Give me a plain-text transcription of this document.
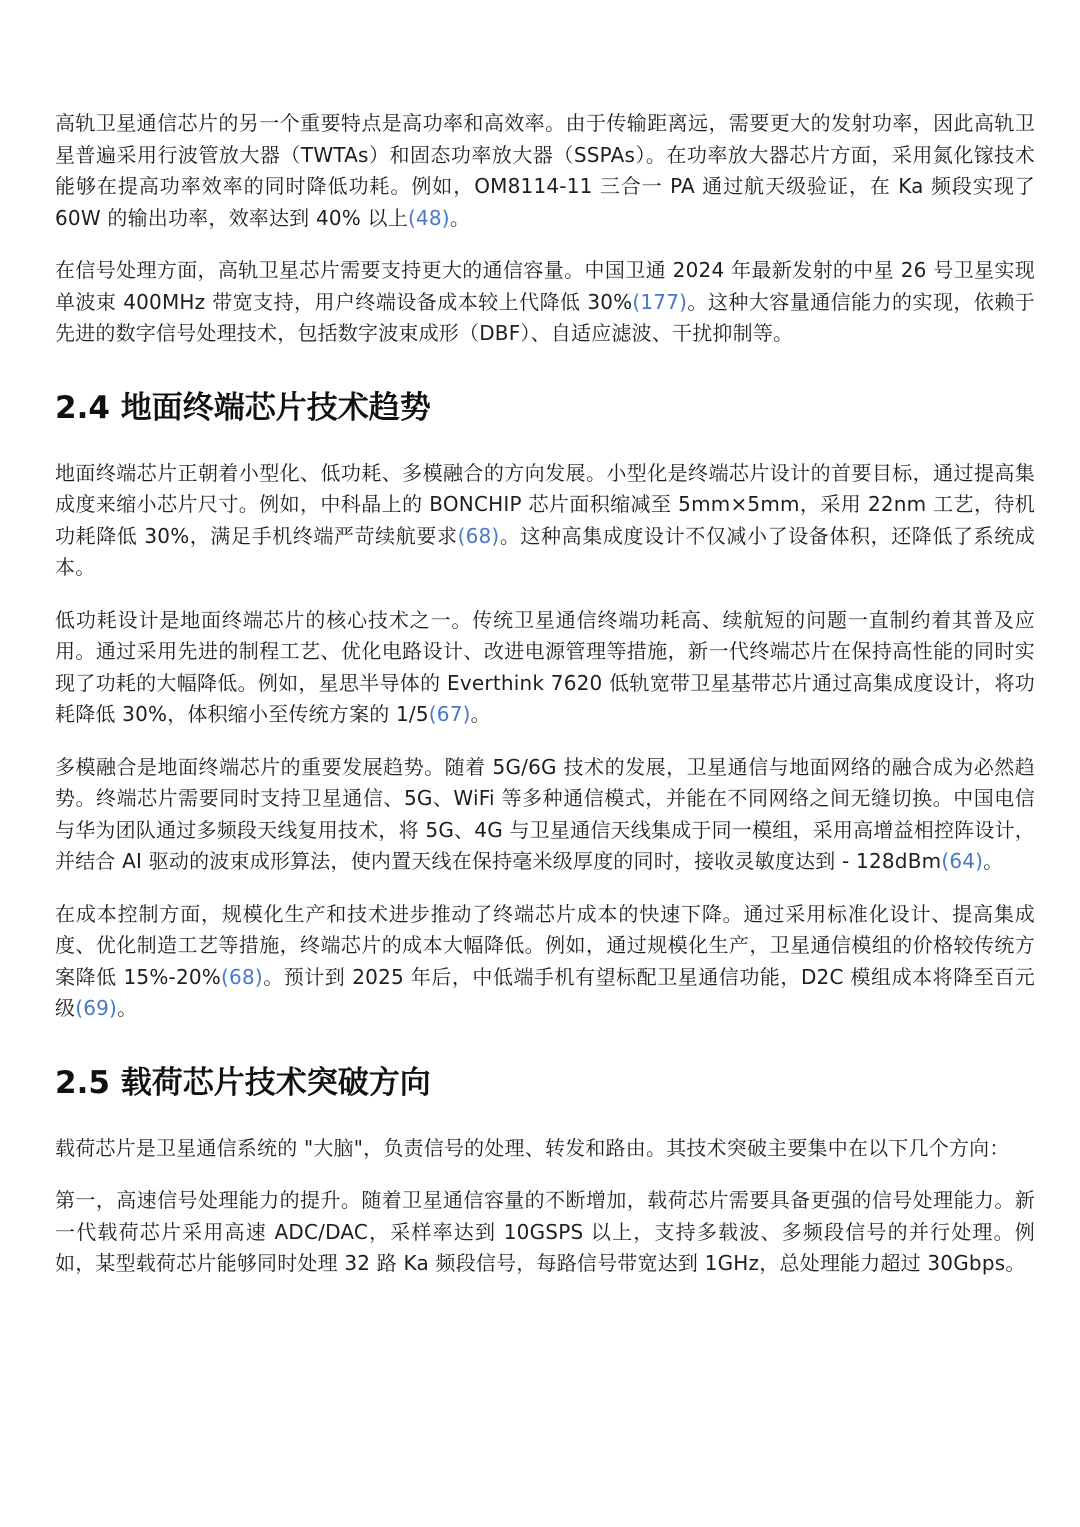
高轨卫星通信芯片的另一个重要特点是高功率和高效率。由于传输距离远，需要更大的发射功率，因此高轨卫星普遍采用行波管放大器（TWTAs）和固态功率放大器（SSPAs）。在功率放大器芯片方面，采用氮化镓技术能够在提高功率效率的同时降低功耗。例如，OM8114-11 三合一 PA 通过航天级验证，在 Ka 频段实现了 60W 的输出功率，效率达到 40% 以上(48)。

在信号处理方面，高轨卫星芯片需要支持更大的通信容量。中国卫通 2024 年最新发射的中星 26 号卫星实现单波束 400MHz 带宽支持，用户终端设备成本较上代降低 30%(177)。这种大容量通信能力的实现，依赖于先进的数字信号处理技术，包括数字波束成形（DBF）、自适应滤波、干扰抑制等。

2.4 地面终端芯片技术趋势

地面终端芯片正朝着小型化、低功耗、多模融合的方向发展。小型化是终端芯片设计的首要目标，通过提高集成度来缩小芯片尺寸。例如，中科晶上的 BONCHIP 芯片面积缩减至 5mm×5mm，采用 22nm 工艺，待机功耗降低 30%，满足手机终端严苛续航要求(68)。这种高集成度设计不仅减小了设备体积，还降低了系统成本。

低功耗设计是地面终端芯片的核心技术之一。传统卫星通信终端功耗高、续航短的问题一直制约着其普及应用。通过采用先进的制程工艺、优化电路设计、改进电源管理等措施，新一代终端芯片在保持高性能的同时实现了功耗的大幅降低。例如，星思半导体的 Everthink 7620 低轨宽带卫星基带芯片通过高集成度设计，将功耗降低 30%，体积缩小至传统方案的 1/5(67)。

多模融合是地面终端芯片的重要发展趋势。随着 5G/6G 技术的发展，卫星通信与地面网络的融合成为必然趋势。终端芯片需要同时支持卫星通信、5G、WiFi 等多种通信模式，并能在不同网络之间无缝切换。中国电信与华为团队通过多频段天线复用技术，将 5G、4G 与卫星通信天线集成于同一模组，采用高增益相控阵设计，并结合 AI 驱动的波束成形算法，使内置天线在保持毫米级厚度的同时，接收灵敏度达到 - 128dBm(64)。

在成本控制方面，规模化生产和技术进步推动了终端芯片成本的快速下降。通过采用标准化设计、提高集成度、优化制造工艺等措施，终端芯片的成本大幅降低。例如，通过规模化生产，卫星通信模组的价格较传统方案降低 15%-20%(68)。预计到 2025 年后，中低端手机有望标配卫星通信功能，D2C 模组成本将降至百元级(69)。

2.5 载荷芯片技术突破方向

载荷芯片是卫星通信系统的 "大脑"，负责信号的处理、转发和路由。其技术突破主要集中在以下几个方向：

第一，高速信号处理能力的提升。随着卫星通信容量的不断增加，载荷芯片需要具备更强的信号处理能力。新一代载荷芯片采用高速 ADC/DAC，采样率达到 10GSPS 以上，支持多载波、多频段信号的并行处理。例如，某型载荷芯片能够同时处理 32 路 Ka 频段信号，每路信号带宽达到 1GHz，总处理能力超过 30Gbps。
